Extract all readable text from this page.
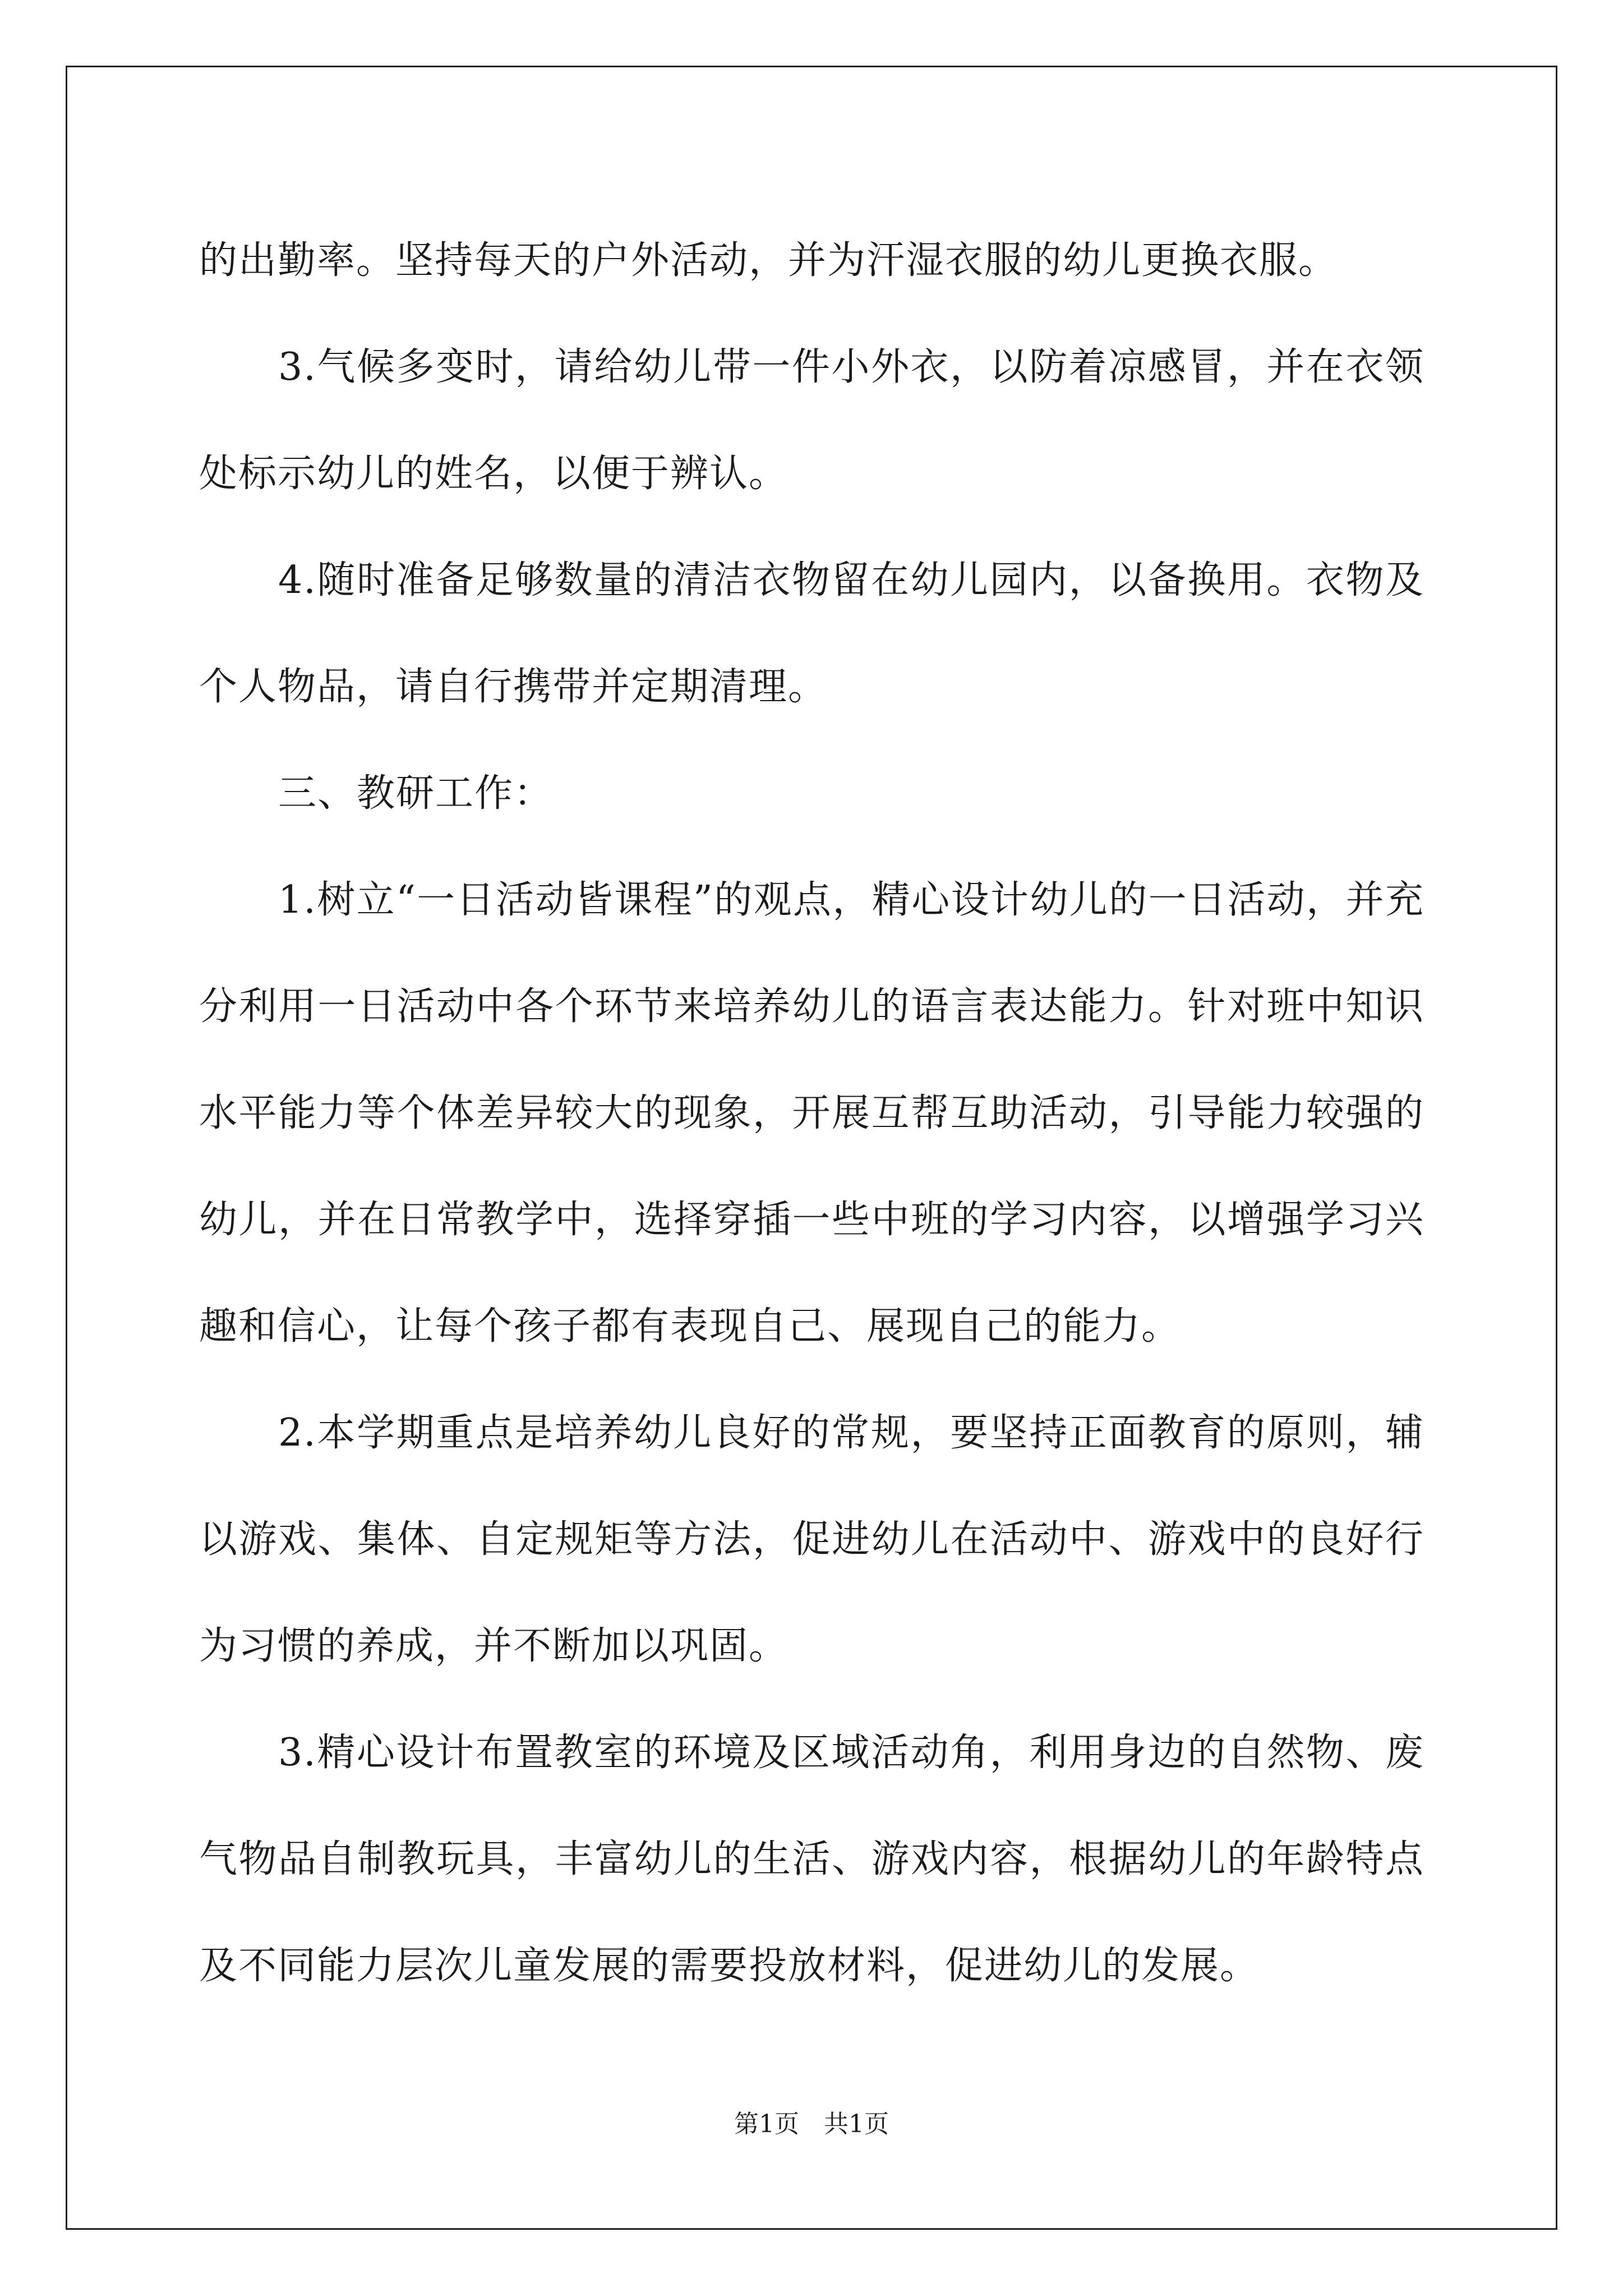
的出勤率。坚持每天的户外活动，并为汗湿衣服的幼儿更换衣服。

3.气候多变时，请给幼儿带一件小外衣，以防着凉感冒，并在衣领处标示幼儿的姓名，以便于辨认。

4.随时准备足够数量的清洁衣物留在幼儿园内，以备换用。衣物及个人物品，请自行携带并定期清理。

三、教研工作：

1.树立“一日活动皆课程”的观点，精心设计幼儿的一日活动，并充分利用一日活动中各个环节来培养幼儿的语言表达能力。针对班中知识水平能力等个体差异较大的现象，开展互帮互助活动，引导能力较强的幼儿，并在日常教学中，选择穿插一些中班的学习内容，以增强学习兴趣和信心，让每个孩子都有表现自己、展现自己的能力。

2.本学期重点是培养幼儿良好的常规，要坚持正面教育的原则，辅以游戏、集体、自定规矩等方法，促进幼儿在活动中、游戏中的良好行为习惯的养成，并不断加以巩固。

3.精心设计布置教室的环境及区域活动角，利用身边的自然物、废气物品自制教玩具，丰富幼儿的生活、游戏内容，根据幼儿的年龄特点及不同能力层次儿童发展的需要投放材料，促进幼儿的发展。

第1页 共1页
